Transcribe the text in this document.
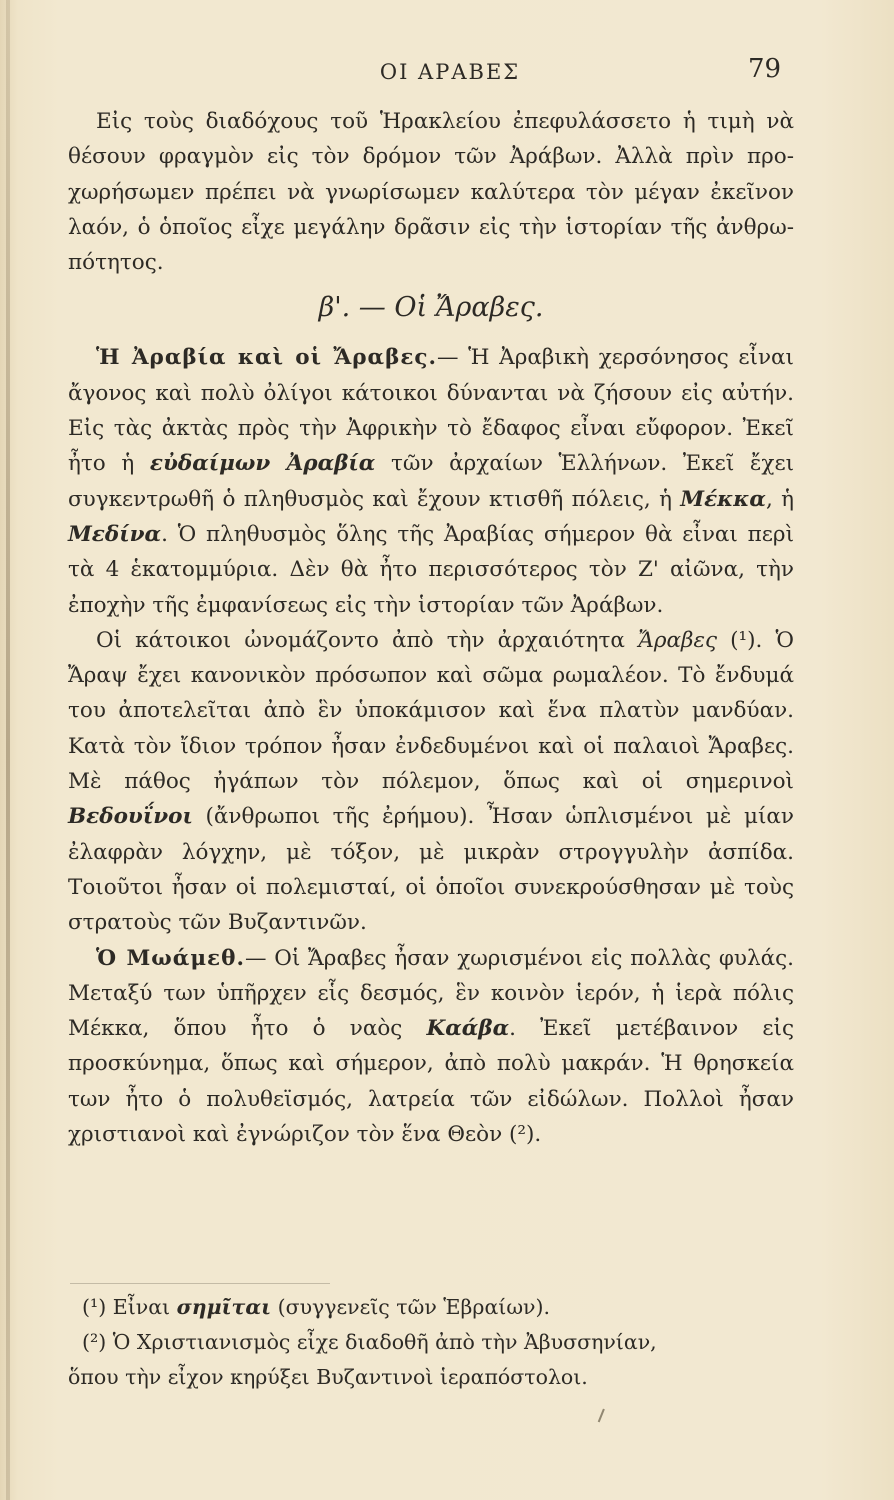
ΟΙ ΑΡΑΒΕΣ	79

Εἰς τοὺς διαδόχους τοῦ Ἡρακλείου ἐπεφυλάσσετο ἡ τιμὴ νὰ θέσουν φραγμὸν εἰς τὸν δρόμον τῶν Ἀράβων. Ἀλλὰ πρὶν προ-χωρήσωμεν πρέπει νὰ γνωρίσωμεν καλύτερα τὸν μέγαν ἐκεῖνον λαόν, ὁ ὁποῖος εἶχε μεγάλην δρᾶσιν εἰς τὴν ἱστορίαν τῆς ἀνθρω-πότητος.

β'. — Οἱ Ἄραβες.

Ἡ Ἀραβία καὶ οἱ Ἄραβες.— Ἡ Ἀραβικὴ χερσόνησος εἶναι ἄγονος καὶ πολὺ ὀλίγοι κάτοικοι δύνανται νὰ ζήσουν εἰς αὐτήν. Εἰς τὰς ἀκτὰς πρὸς τὴν Ἀφρικὴν τὸ ἔδαφος εἶναι εὔφορον. Ἐκεῖ ἦτο ἡ εὐδαίμων Ἀραβία τῶν ἀρχαίων Ἑλλήνων. Ἐκεῖ ἔχει συγκεντρωθῆ ὁ πληθυσμὸς καὶ ἔχουν κτισθῆ πόλεις, ἡ Μέκκα, ἡ Μεδίνα. Ὁ πληθυσμὸς ὅλης τῆς Ἀραβίας σήμερον θὰ εἶναι περὶ τὰ 4 ἑκατομμύρια. Δὲν θὰ ἦτο περισσότερος τὸν Ζ' αἰῶνα, τὴν ἐποχὴν τῆς ἐμφανίσεως εἰς τὴν ἱστορίαν τῶν Ἀράβων.

Οἱ κάτοικοι ὠνομάζοντο ἀπὸ τὴν ἀρχαιότητα Ἄραβες (¹). Ὁ Ἄραψ ἔχει κανονικὸν πρόσωπον καὶ σῶμα ρωμαλέον. Τὸ ἔνδυμά του ἀποτελεῖται ἀπὸ ἓν ὑποκάμισον καὶ ἕνα πλατὺν μανδύαν. Κατὰ τὸν ἴδιον τρόπον ἦσαν ἐνδεδυμένοι καὶ οἱ παλαιοὶ Ἄραβες. Μὲ πάθος ἠγάπων τὸν πόλεμον, ὅπως καὶ οἱ σημερινοὶ Βεδουΐνοι (ἄνθρωποι τῆς ἐρήμου). Ἦσαν ὡπλισμένοι μὲ μίαν ἐλαφρὰν λόγχην, μὲ τόξον, μὲ μικρὰν στρογγυλὴν ἀσπίδα. Τοιοῦτοι ἦσαν οἱ πολεμισταί, οἱ ὁποῖοι συνεκρούσθησαν μὲ τοὺς στρατοὺς τῶν Βυζαντινῶν.

Ὁ Μωάμεθ.— Οἱ Ἄραβες ἦσαν χωρισμένοι εἰς πολλὰς φυλάς. Μεταξύ των ὑπῆρχεν εἷς δεσμός, ἓν κοινὸν ἱερόν, ἡ ἱερὰ πόλις Μέκκα, ὅπου ἦτο ὁ ναὸς Καάβα. Ἐκεῖ μετέβαινον εἰς προσκύνημα, ὅπως καὶ σήμερον, ἀπὸ πολὺ μακράν. Ἡ θρησκεία των ἦτο ὁ πολυθεϊσμός, λατρεία τῶν εἰδώλων. Πολλοὶ ἦσαν χριστιανοὶ καὶ ἐγνώριζον τὸν ἕνα Θεὸν (²).

(¹) Εἶναι σημῖται (συγγενεῖς τῶν Ἑβραίων).

(²) Ὁ Χριστιανισμὸς εἶχε διαδοθῆ ἀπὸ τὴν Ἀβυσσηνίαν,

ὅπου τὴν εἶχον κηρύξει Βυζαντινοὶ ἱεραπόστολοι.
